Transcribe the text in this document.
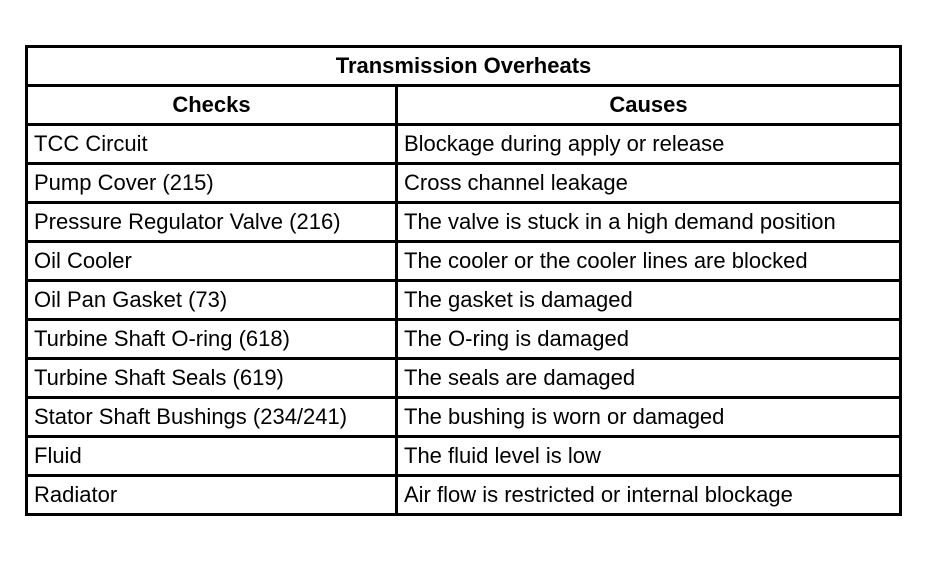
Transmission Overheats	
Checks	Causes
TCC Circuit	Blockage during apply or release
Pump Cover (215)	Cross channel leakage
Pressure Regulator Valve (216)	The valve is stuck in a high demand position
Oil Cooler	The cooler or the cooler lines are blocked
Oil Pan Gasket (73)	The gasket is damaged
Turbine Shaft O-ring (618)	The O-ring is damaged
Turbine Shaft Seals (619)	The seals are damaged
Stator Shaft Bushings (234/241)	The bushing is worn or damaged
Fluid	The fluid level is low
Radiator	Air flow is restricted or internal blockage
